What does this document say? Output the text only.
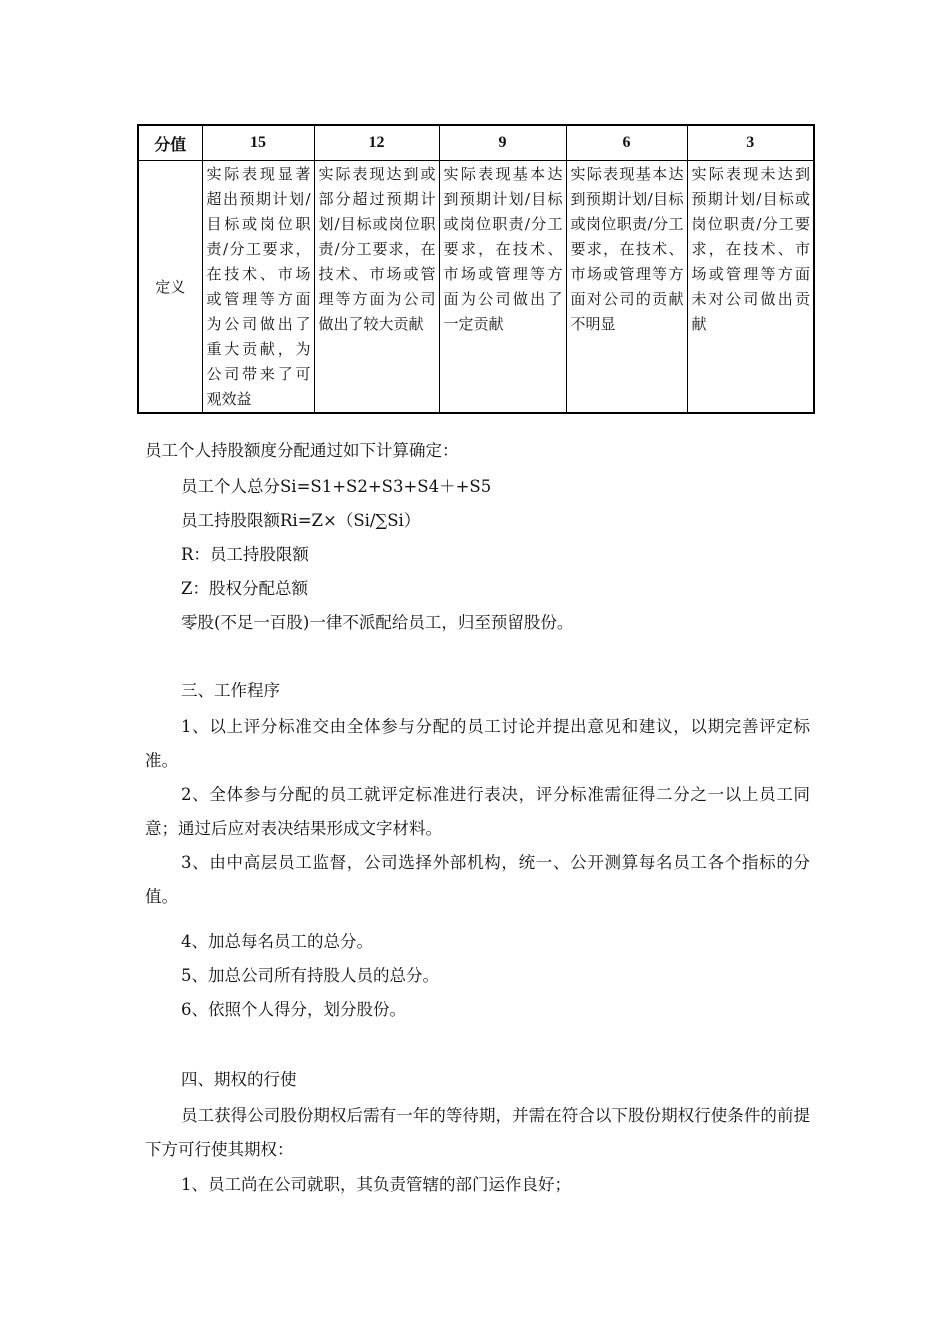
分值	15	12	9	6	3
定义	实际表现显著超出预期计划/目标或岗位职责/分工要求，在技术、市场或管理等方面为公司做出了重大贡献，为公司带来了可观效益	实际表现达到或部分超过预期计划/目标或岗位职责/分工要求，在技术、市场或管理等方面为公司做出了较大贡献	实际表现基本达到预期计划/目标或岗位职责/分工要求，在技术、市场或管理等方面为公司做出了一定贡献	实际表现基本达到预期计划/目标或岗位职责/分工要求，在技术、市场或管理等方面对公司的贡献不明显	实际表现未达到预期计划/目标或岗位职责/分工要求，在技术、市场或管理等方面未对公司做出贡献
员工个人持股额度分配通过如下计算确定：
员工个人总分Si=S1+S2+S3+S4＋+S5
员工持股限额Ri=Z×（Si/∑Si）
R：员工持股限额
Z：股权分配总额
零股(不足一百股)一律不派配给员工，归至预留股份。
三、工作程序
1、以上评分标准交由全体参与分配的员工讨论并提出意见和建议，以期完善评定标准。
2、全体参与分配的员工就评定标准进行表决，评分标准需征得二分之一以上员工同意；通过后应对表决结果形成文字材料。
3、由中高层员工监督，公司选择外部机构，统一、公开测算每名员工各个指标的分值。
4、加总每名员工的总分。
5、加总公司所有持股人员的总分。
6、依照个人得分，划分股份。
四、期权的行使
员工获得公司股份期权后需有一年的等待期，并需在符合以下股份期权行使条件的前提下方可行使其期权：
1、员工尚在公司就职，其负责管辖的部门运作良好；
